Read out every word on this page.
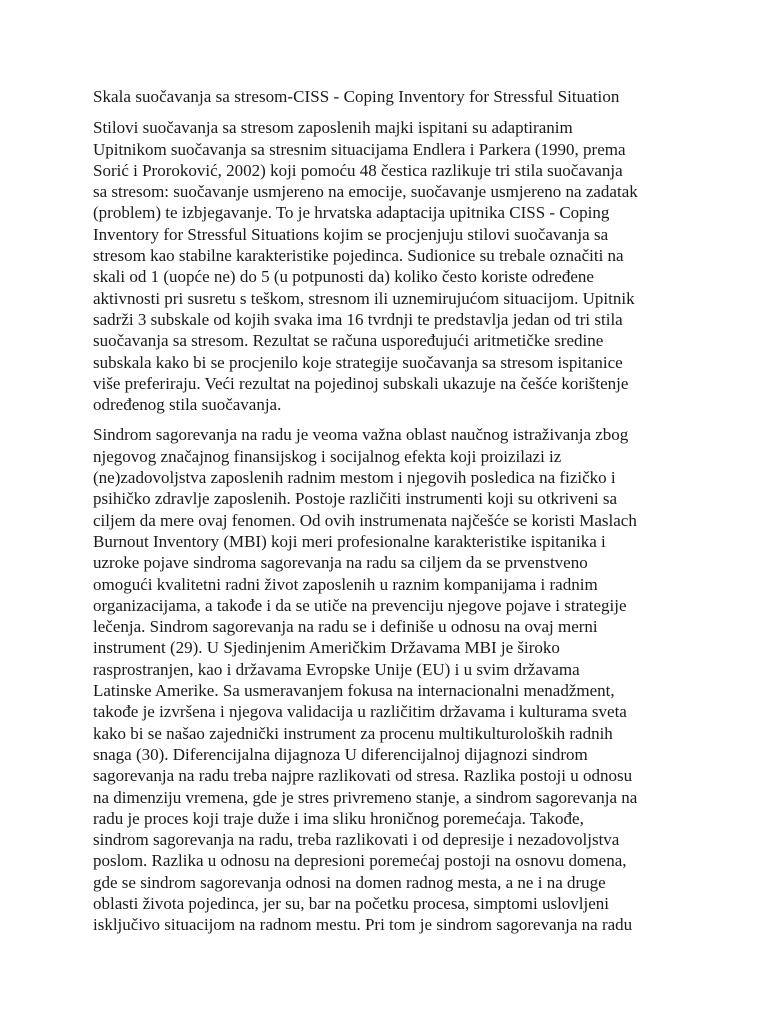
Skala suočavanja sa stresom-CISS - Coping Inventory for Stressful Situation
Stilovi suočavanja sa stresom zaposlenih majki ispitani su adaptiranim
Upitnikom suočavanja sa stresnim situacijama Endlera i Parkera (1990, prema
Sorić i Proroković, 2002) koji pomoću 48 čestica razlikuje tri stila suočavanja
sa stresom: suočavanje usmjereno na emocije, suočavanje usmjereno na zadatak
(problem) te izbjegavanje. To je hrvatska adaptacija upitnika CISS - Coping
Inventory for Stressful Situations kojim se procjenjuju stilovi suočavanja sa
stresom kao stabilne karakteristike pojedinca. Sudionice su trebale označiti na
skali od 1 (uopće ne) do 5 (u potpunosti da) koliko često koriste određene
aktivnosti pri susretu s teškom, stresnom ili uznemirujućom situacijom. Upitnik
sadrži 3 subskale od kojih svaka ima 16 tvrdnji te predstavlja jedan od tri stila
suočavanja sa stresom. Rezultat se računa uspoređujući aritmetičke sredine
subskala kako bi se procjenilo koje strategije suočavanja sa stresom ispitanice
više preferiraju. Veći rezultat na pojedinoj subskali ukazuje na češće korištenje
određenog stila suočavanja.
Sindrom sagorevanja na radu je veoma važna oblast naučnog istraživanja zbog
njegovog značajnog finansijskog i socijalnog efekta koji proizilazi iz
(ne)zadovoljstva zaposlenih radnim mestom i njegovih posledica na fizičko i
psihičko zdravlje zaposlenih. Postoje različiti instrumenti koji su otkriveni sa
ciljem da mere ovaj fenomen. Od ovih instrumenata najčešće se koristi Maslach
Burnout Inventory (MBI) koji meri profesionalne karakteristike ispitanika i
uzroke pojave sindroma sagorevanja na radu sa ciljem da se prvenstveno
omogući kvalitetni radni život zaposlenih u raznim kompanijama i radnim
organizacijama, a takođe i da se utiče na prevenciju njegove pojave i strategije
lečenja. Sindrom sagorevanja na radu se i definiše u odnosu na ovaj merni
instrument (29). U Sjedinjenim Američkim Državama MBI je široko
rasprostranjen, kao i državama Evropske Unije (EU) i u svim državama
Latinske Amerike. Sa usmeravanjem fokusa na internacionalni menadžment,
takođe je izvršena i njegova validacija u različitim državama i kulturama sveta
kako bi se našao zajednički instrument za procenu multikulturoloških radnih
snaga (30). Diferencijalna dijagnoza U diferencijalnoj dijagnozi sindrom
sagorevanja na radu treba najpre razlikovati od stresa. Razlika postoji u odnosu
na dimenziju vremena, gde je stres privremeno stanje, a sindrom sagorevanja na
radu je proces koji traje duže i ima sliku hroničnog poremećaja. Takođe,
sindrom sagorevanja na radu, treba razlikovati i od depresije i nezadovoljstva
poslom. Razlika u odnosu na depresioni poremećaj postoji na osnovu domena,
gde se sindrom sagorevanja odnosi na domen radnog mesta, a ne i na druge
oblasti života pojedinca, jer su, bar na početku procesa, simptomi uslovljeni
isključivo situacijom na radnom mestu. Pri tom je sindrom sagorevanja na radu
